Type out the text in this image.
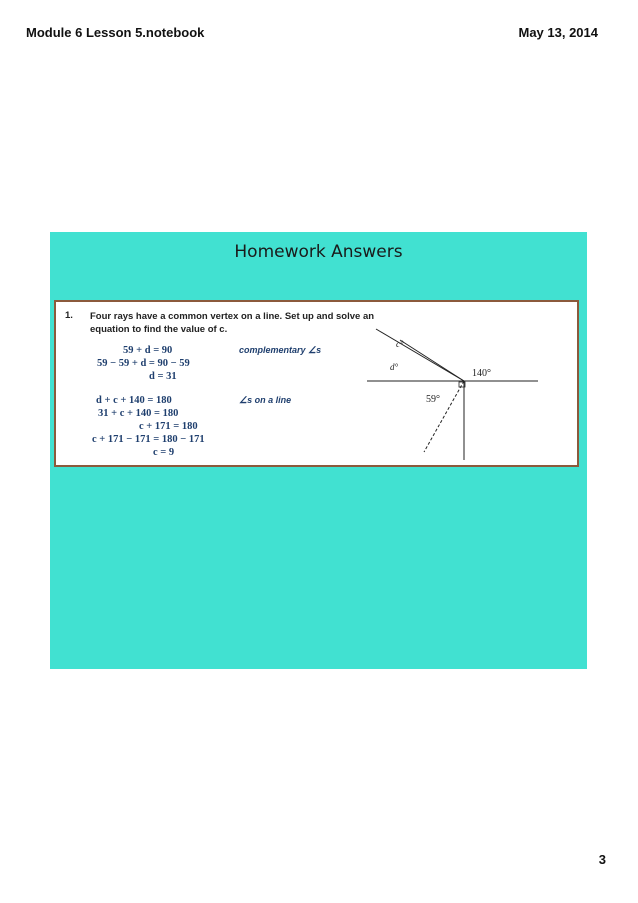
Module 6 Lesson 5.notebook	May 13, 2014
Homework Answers
1. Four rays have a common vertex on a line. Set up and solve an
equation to find the value of c.
59 + d = 90
59 − 59 + d = 90 − 59
d = 31
complementary ∠s
d + c + 140 = 180
31 + c + 140 = 180
c + 171 = 180
c + 171 − 171 = 180 − 171
c = 9
∠s on a line
c°
d°
140°
59°
3
